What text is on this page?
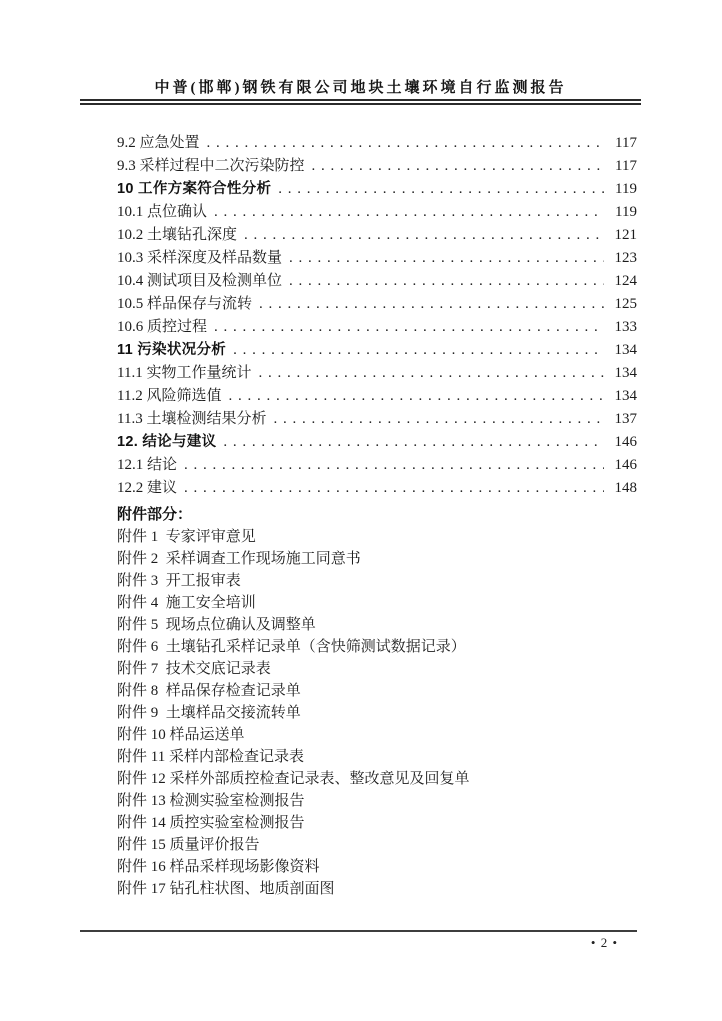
中普(邯郸)钢铁有限公司地块土壤环境自行监测报告
9.2 应急处置 . . .	117
9.3 采样过程中二次污染防控 . . .	117
10 工作方案符合性分析 . . .	119
10.1 点位确认 . . .	119
10.2 土壤钻孔深度 . . .	121
10.3 采样深度及样品数量 . . .	123
10.4 测试项目及检测单位 . . .	124
10.5 样品保存与流转 . . .	125
10.6 质控过程 . . .	133
11 污染状况分析 . . .	134
11.1 实物工作量统计 . . .	134
11.2 风险筛选值 . . .	134
11.3 土壤检测结果分析 . . .	137
12. 结论与建议 . . .	146
12.1 结论 . . .	146
12.2 建议 . . .	148
附件部分：
附件 1  专家评审意见
附件 2  采样调查工作现场施工同意书
附件 3  开工报审表
附件 4  施工安全培训
附件 5  现场点位确认及调整单
附件 6  土壤钻孔采样记录单（含快筛测试数据记录）
附件 7  技术交底记录表
附件 8  样品保存检查记录单
附件 9  土壤样品交接流转单
附件 10 样品运送单
附件 11 采样内部检查记录表
附件 12 采样外部质控检查记录表、整改意见及回复单
附件 13 检测实验室检测报告
附件 14 质控实验室检测报告
附件 15 质量评价报告
附件 16 样品采样现场影像资料
附件 17 钻孔柱状图、地质剖面图
• 2 •
